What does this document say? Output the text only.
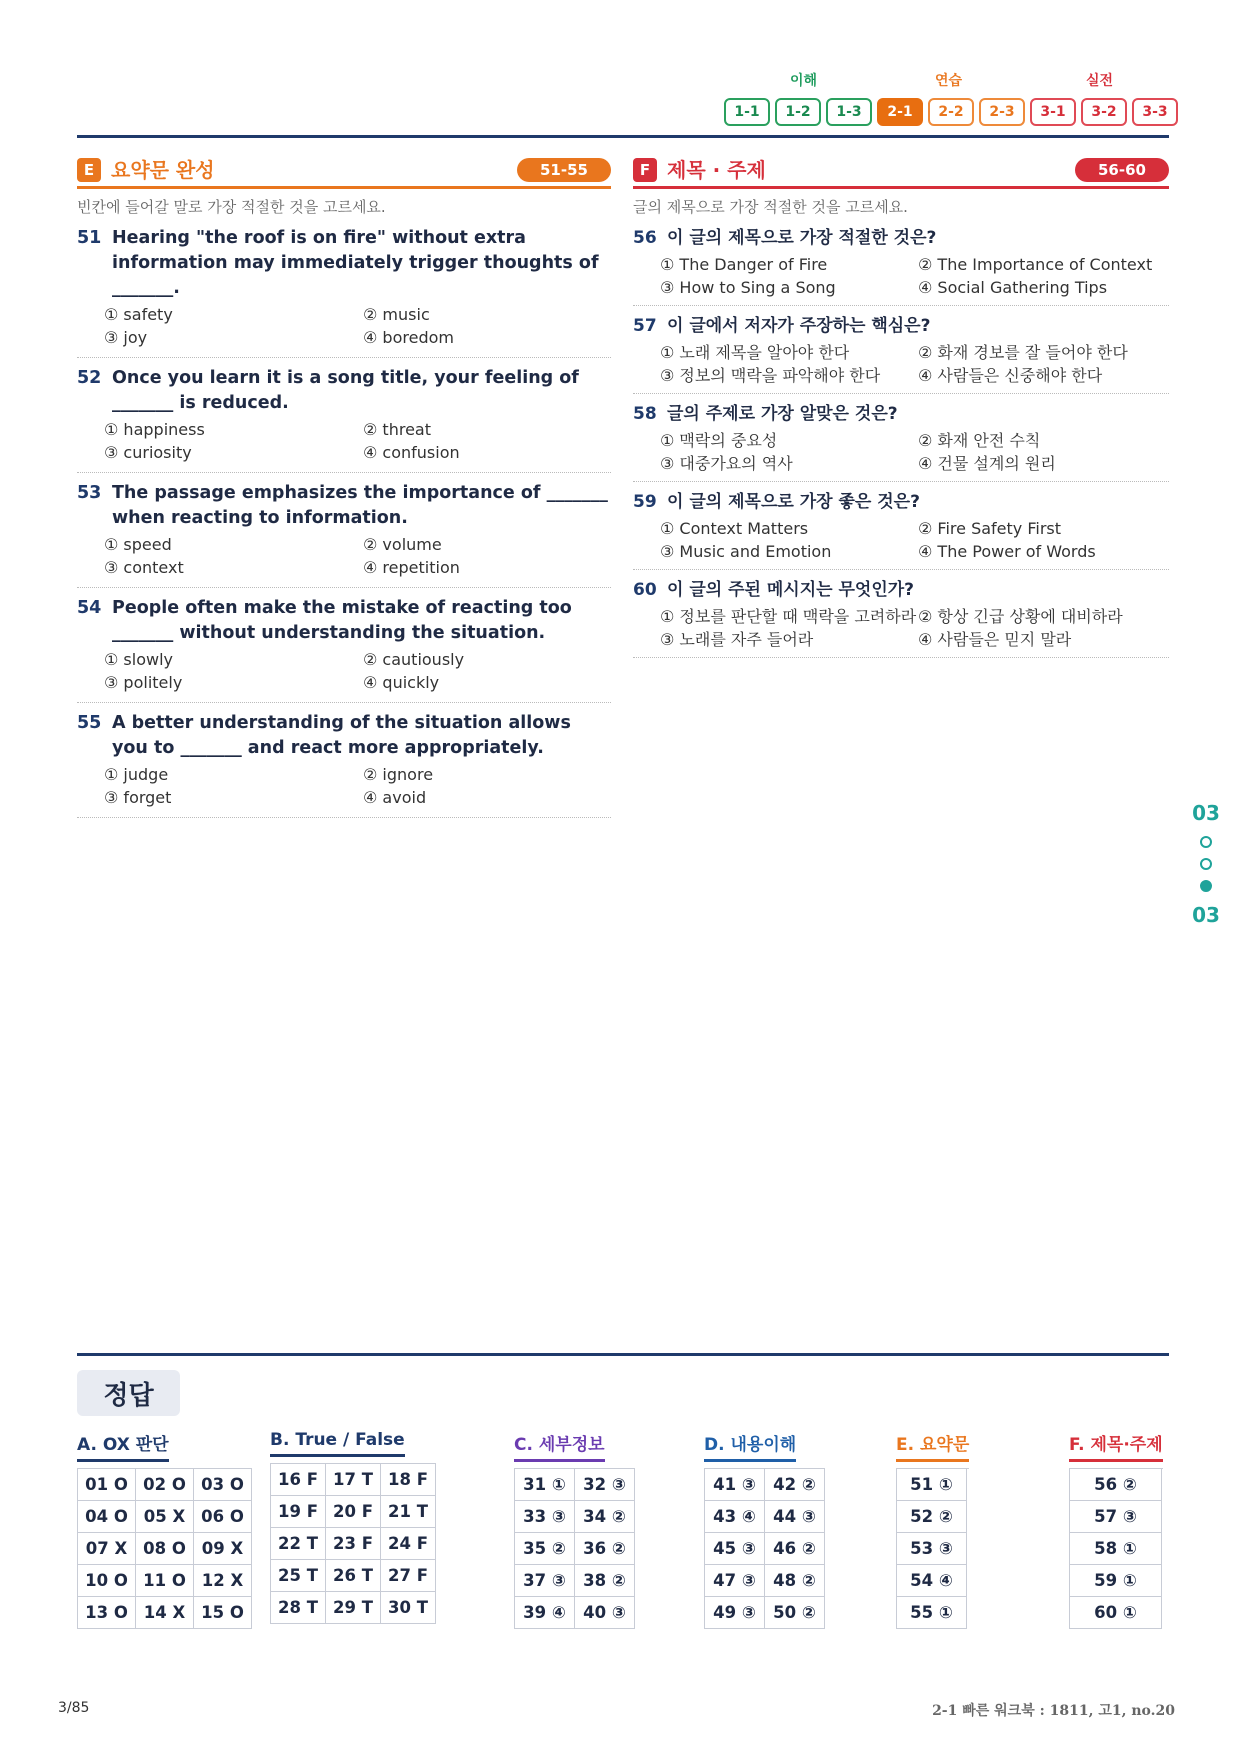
이해	연습	실전
1-1	1-2	1-3	2-1	2-2	2-3	3-1	3-2	3-3
E 요약문 완성	51-55
빈칸에 들어갈 말로 가장 적절한 것을 고르세요.
F 제목 · 주제	56-60
글의 제목으로 가장 적절한 것을 고르세요.
51 Hearing "the roof is on fire" without extra information may immediately trigger thoughts of _______.
① safety	② music
③ joy	④ boredom
52 Once you learn it is a song title, your feeling of _______ is reduced.
① happiness	② threat
③ curiosity	④ confusion
53 The passage emphasizes the importance of _______ when reacting to information.
① speed	② volume
③ context	④ repetition
54 People often make the mistake of reacting too _______ without understanding the situation.
① slowly	② cautiously
③ politely	④ quickly
55 A better understanding of the situation allows you to _______ and react more appropriately.
① judge	② ignore
③ forget	④ avoid
56 이 글의 제목으로 가장 적절한 것은?
① The Danger of Fire	② The Importance of Context
③ How to Sing a Song	④ Social Gathering Tips
57 이 글에서 저자가 주장하는 핵심은?
① 노래 제목을 알아야 한다	② 화재 경보를 잘 들어야 한다
③ 정보의 맥락을 파악해야 한다	④ 사람들은 신중해야 한다
58 글의 주제로 가장 알맞은 것은?
① 맥락의 중요성	② 화재 안전 수칙
③ 대중가요의 역사	④ 건물 설계의 원리
59 이 글의 제목으로 가장 좋은 것은?
① Context Matters	② Fire Safety First
③ Music and Emotion	④ The Power of Words
60 이 글의 주된 메시지는 무엇인가?
① 정보를 판단할 때 맥락을 고려하라 ② 항상 긴급 상황에 대비하라
③ 노래를 자주 들어라	④ 사람들은 믿지 말라
03
03
정답
A. OX 판단
01 O 02 O 03 O
04 O 05 X 06 O
07 X 08 O 09 X
10 O 11 O 12 X
13 O 14 X 15 O
B. True / False
16 F 17 T 18 F
19 F 20 F 21 T
22 T 23 F 24 F
25 T 26 T 27 F
28 T 29 T 30 T
C. 세부정보
31 ①	32 ③
33 ③	34 ②
35 ②	36 ②
37 ③	38 ②
39 ④	40 ③
D. 내용이해
41 ③	42 ②
43 ④	44 ③
45 ③	46 ②
47 ③	48 ②
49 ③	50 ②
E. 요약문
51 ①
52 ②
53 ③
54 ④
55 ①
F. 제목·주제
56 ②
57 ③
58 ①
59 ①
60 ①
3/85	2-1 빠른 워크북 : 1811, 고1, no.20
